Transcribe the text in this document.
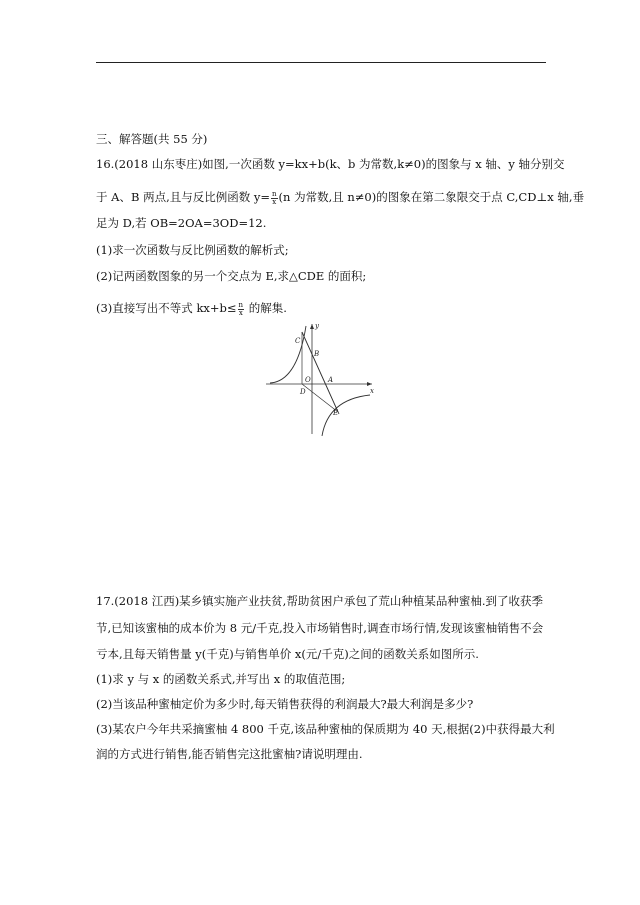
三、解答题(共 55 分)
16.(2018 山东枣庄)如图,一次函数 y=kx+b(k、b 为常数,k≠0)的图象与 x 轴、y 轴分别交
于 A、B 两点,且与反比例函数 $y= \frac{n}{x} (n$ 为常数,且 n≠0)的图象在第二象限交于点 C,CD⊥x 轴,垂
足为 D,若 OB=2OA=3OD=12.
(1)求一次函数与反比例函数的解析式;
(2)记两函数图象的另一个交点为 E,求△CDE 的面积;
(3)直接写出不等式 $kx+b\le \frac{n}{x}$ 的解集.
y
x
C
B
O A
D
E
17.(2018 江西)某乡镇实施产业扶贫,帮助贫困户承包了荒山种植某品种蜜柚.到了收获季
节,已知该蜜柚的成本价为 8 元/千克,投入市场销售时,调查市场行情,发现该蜜柚销售不会
亏本,且每天销售量 y(千克)与销售单价 x(元/千克)之间的函数关系如图所示.
(1)求 y 与 x 的函数关系式,并写出 x 的取值范围;
(2)当该品种蜜柚定价为多少时,每天销售获得的利润最大?最大利润是多少?
(3)某农户今年共采摘蜜柚 4 800 千克,该品种蜜柚的保质期为 40 天,根据(2)中获得最大利
润的方式进行销售,能否销售完这批蜜柚?请说明理由.
